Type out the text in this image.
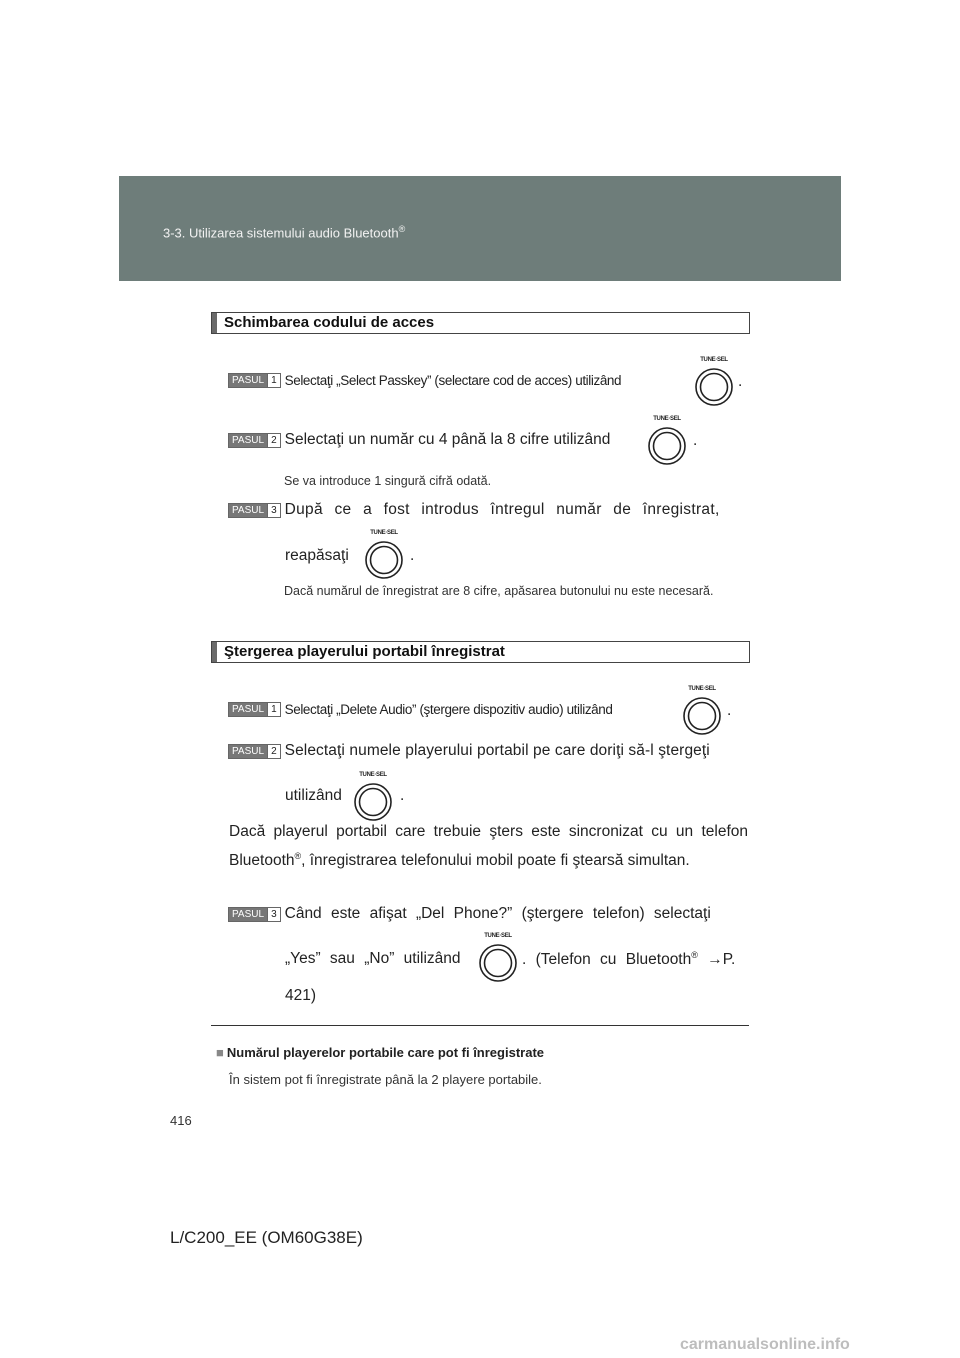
3-3. Utilizarea sistemului audio Bluetooth®
Schimbarea codului de acces
PASUL 1 Selectaţi „Select Passkey” (selectare cod de acces) utilizând
TUNE·SEL
.
PASUL 2 Selectaţi un număr cu 4 până la 8 cifre utilizând
TUNE·SEL
.
Se va introduce 1 singură cifră odată.
PASUL 3 După ce a fost introdus întregul număr de înregistrat,
reapăsaţi
TUNE·SEL
.
Dacă numărul de înregistrat are 8 cifre, apăsarea butonului nu este necesară.
Ştergerea playerului portabil înregistrat
PASUL 1 Selectaţi „Delete Audio” (ştergere dispozitiv audio) utilizând
TUNE·SEL
.
PASUL 2 Selectaţi numele playerului portabil pe care doriţi să-l ştergeţi
utilizând
TUNE·SEL
.
Dacă playerul portabil care trebuie şters este sincronizat cu un telefon Bluetooth®, înregistrarea telefonului mobil poate fi ştearsă simultan.
PASUL 3 Când este afişat „Del Phone?” (ştergere telefon) selectaţi
„Yes” sau „No” utilizând
TUNE·SEL
. (Telefon cu Bluetooth® →P.
421)
■ Numărul playerelor portabile care pot fi înregistrate
În sistem pot fi înregistrate până la 2 playere portabile.
416
L/C200_EE (OM60G38E)
carmanualsonline.info
